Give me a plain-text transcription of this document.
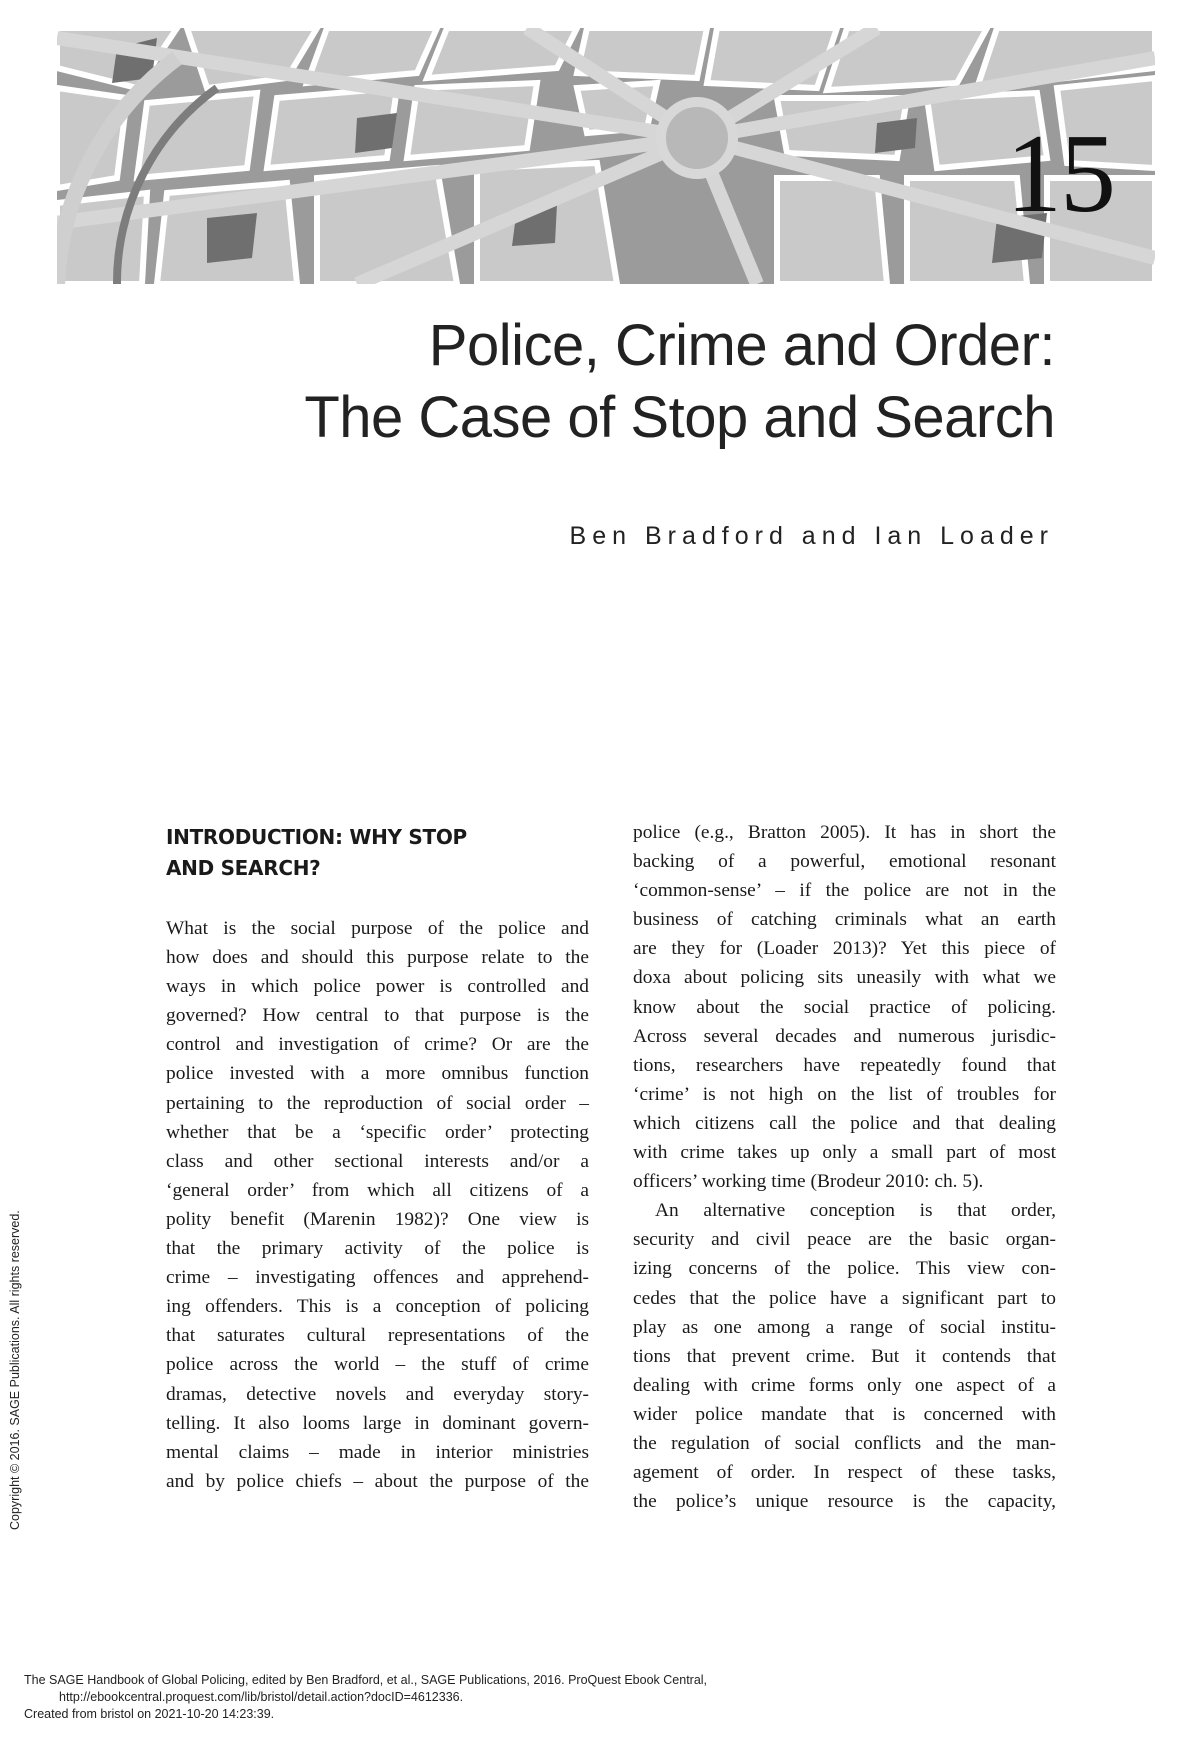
15
Police, Crime and Order:
The Case of Stop and Search
Ben Bradford and Ian Loader
INTRODUCTION: WHY STOP
AND SEARCH?
What is the social purpose of the police and
how does and should this purpose relate to the
ways in which police power is controlled and
governed? How central to that purpose is the
control and investigation of crime? Or are the
police invested with a more omnibus function
pertaining to the reproduction of social order –
whether that be a ‘specific order’ protecting
class and other sectional interests and/or a
‘general order’ from which all citizens of a
polity benefit (Marenin 1982)? One view is
that the primary activity of the police is
crime – investigating offences and apprehend-
ing offenders. This is a conception of policing
that saturates cultural representations of the
police across the world – the stuff of crime
dramas, detective novels and everyday story-
telling. It also looms large in dominant govern-
mental claims – made in interior ministries
and by police chiefs – about the purpose of the
police (e.g., Bratton 2005). It has in short the
backing of a powerful, emotional resonant
‘common-sense’ – if the police are not in the
business of catching criminals what an earth
are they for (Loader 2013)? Yet this piece of
doxa about policing sits uneasily with what we
know about the social practice of policing.
Across several decades and numerous jurisdic-
tions, researchers have repeatedly found that
‘crime’ is not high on the list of troubles for
which citizens call the police and that dealing
with crime takes up only a small part of most
officers’ working time (Brodeur 2010: ch. 5).
An alternative conception is that order,
security and civil peace are the basic organ-
izing concerns of the police. This view con-
cedes that the police have a significant part to
play as one among a range of social institu-
tions that prevent crime. But it contends that
dealing with crime forms only one aspect of a
wider police mandate that is concerned with
the regulation of social conflicts and the man-
agement of order. In respect of these tasks,
the police’s unique resource is the capacity,
Copyright © 2016. SAGE Publications. All rights reserved.
The SAGE Handbook of Global Policing, edited by Ben Bradford, et al., SAGE Publications, 2016. ProQuest Ebook Central,
http://ebookcentral.proquest.com/lib/bristol/detail.action?docID=4612336.
Created from bristol on 2021-10-20 14:23:39.
